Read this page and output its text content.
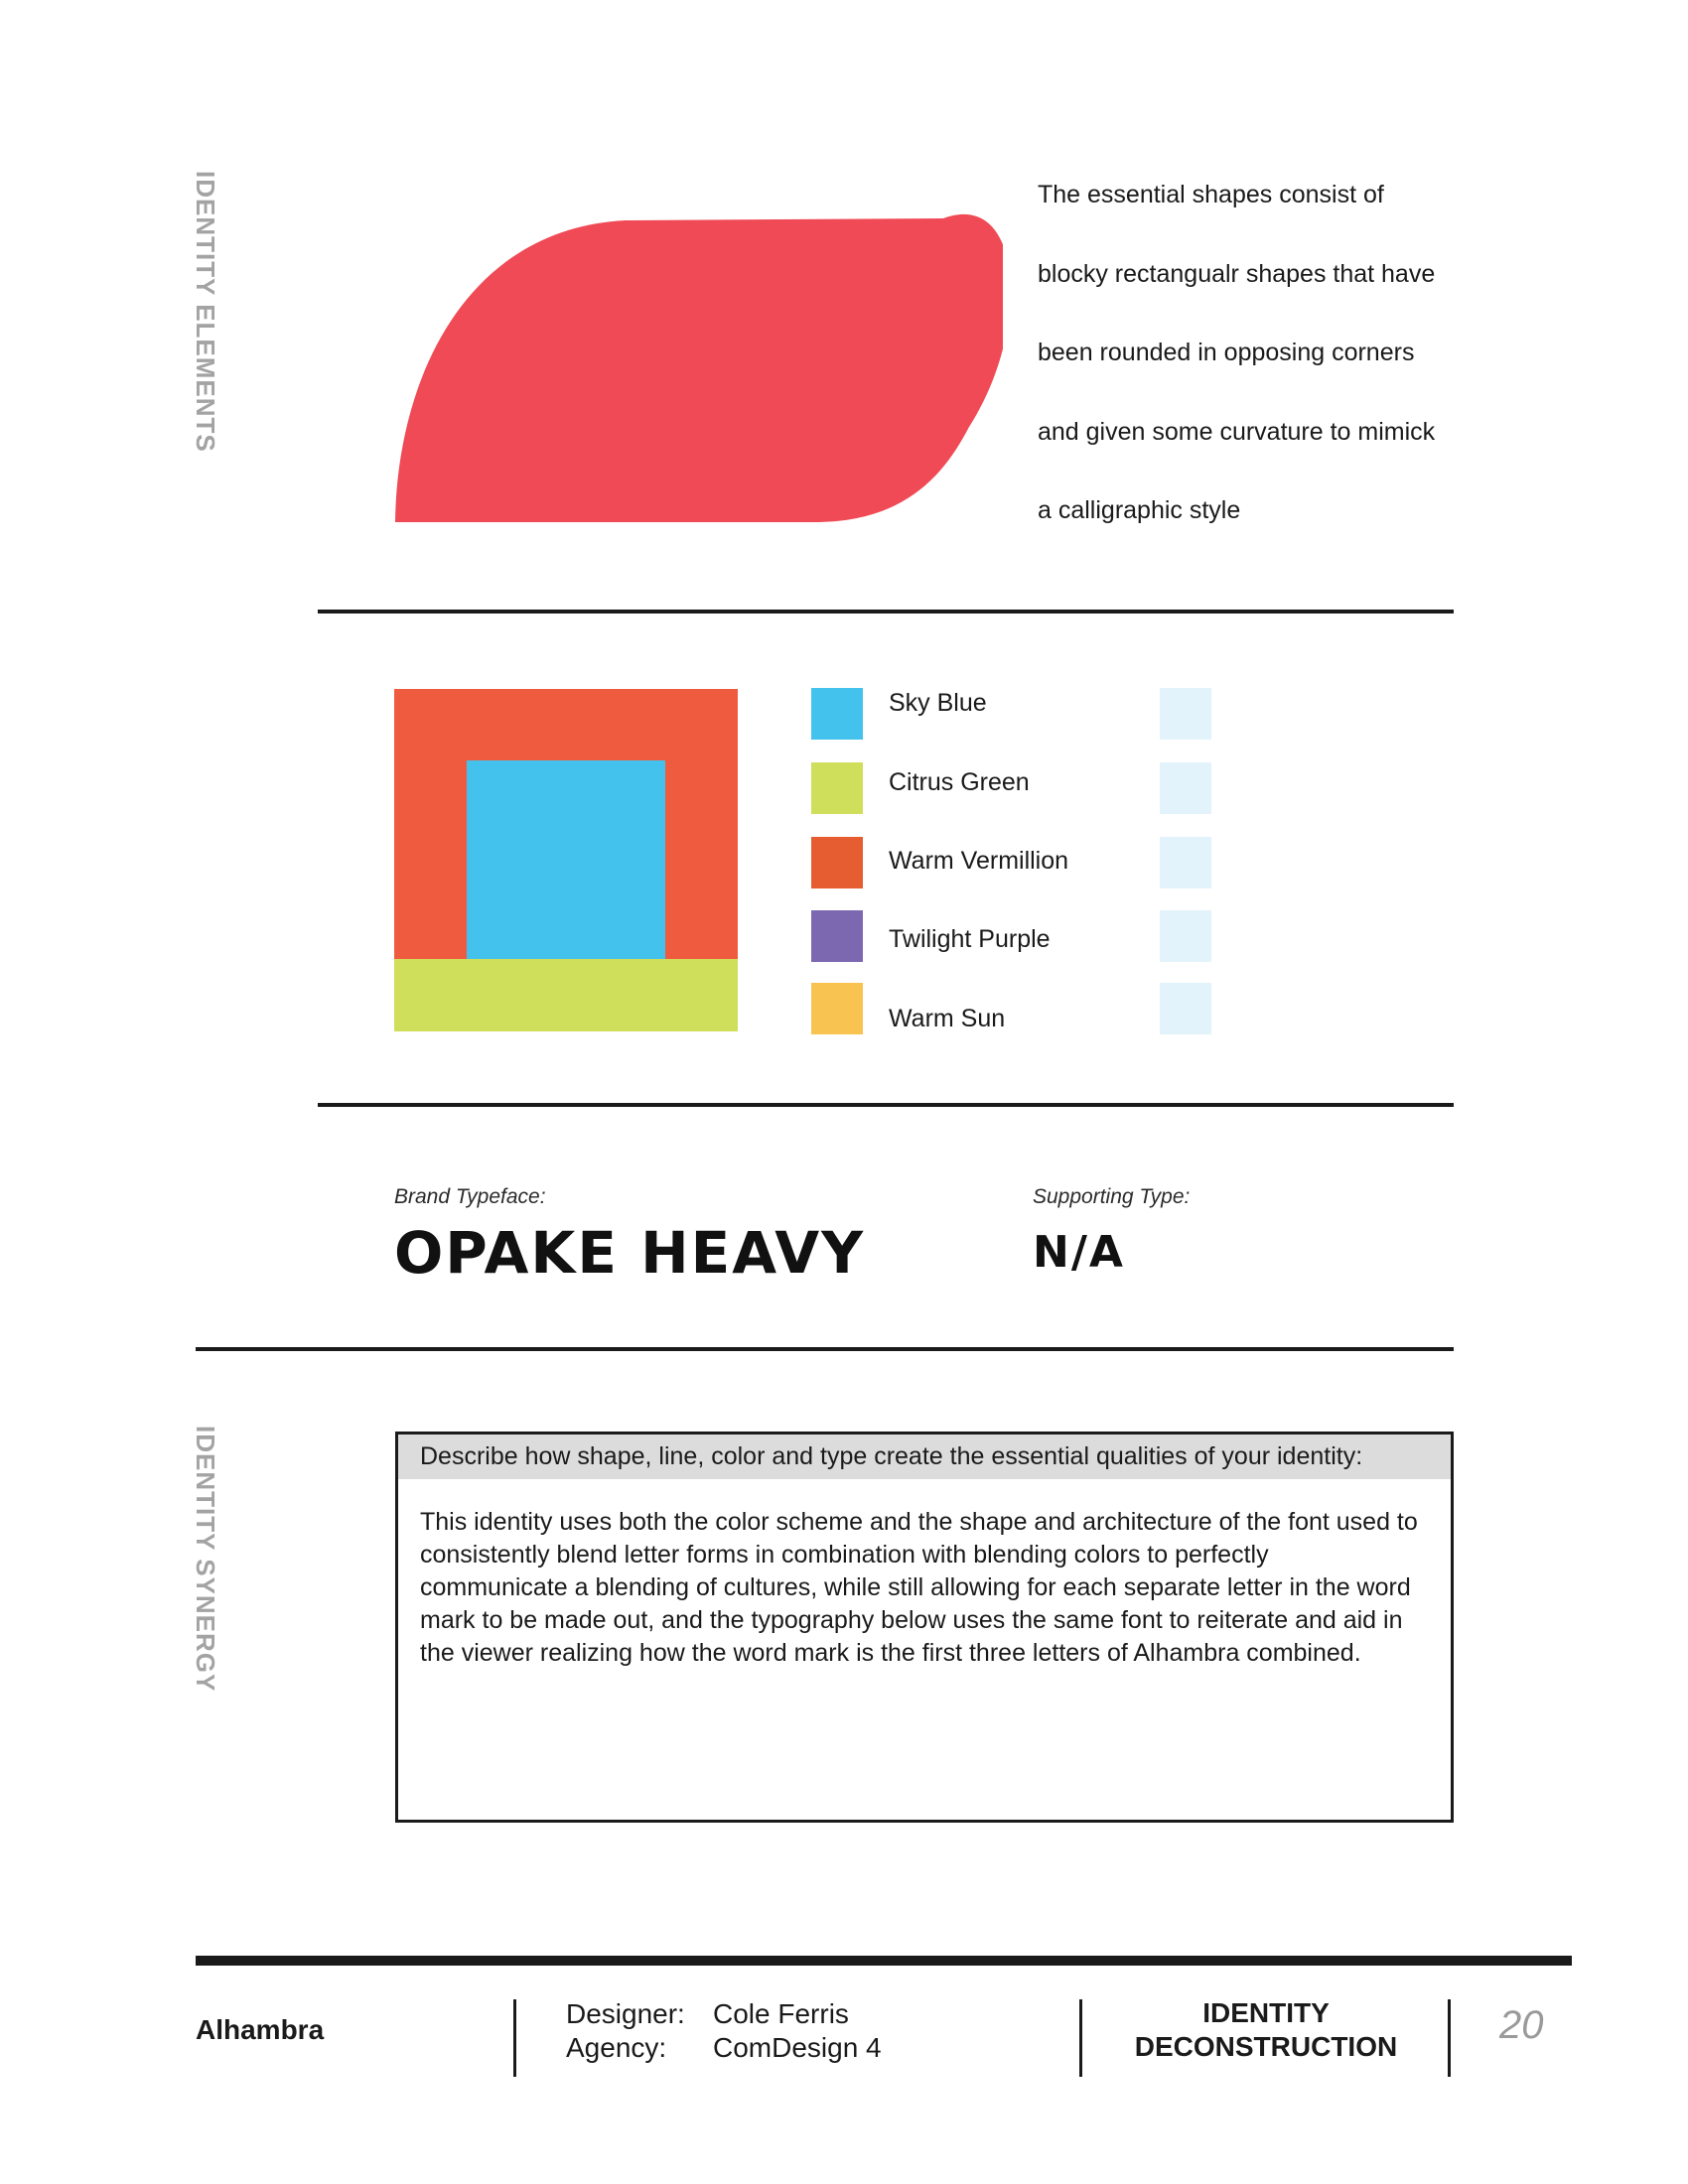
IDENTITY ELEMENTS
IDENTITY SYNERGY
The essential shapes consist of
blocky rectangualr shapes that have
been rounded in opposing corners
and given some curvature to mimick
a calligraphic style
Sky Blue
Citrus Green
Warm Vermillion
Twilight Purple
Warm Sun
Brand Typeface:
OPAKE HEAVY
Supporting Type:
N/A
Describe how shape, line, color and type create the essential qualities of your identity:
This identity uses both the color scheme and the shape and architecture of the font used to consistently blend letter forms in combination with blending colors to perfectly communicate a blending of cultures, while still allowing for each separate letter in the word mark to be made out, and the typography below uses the same font to reiterate and aid in the viewer realizing how the word mark is the first three letters of Alhambra combined.
Alhambra
Designer: Cole Ferris
Agency: ComDesign 4
IDENTITY
DECONSTRUCTION	20
